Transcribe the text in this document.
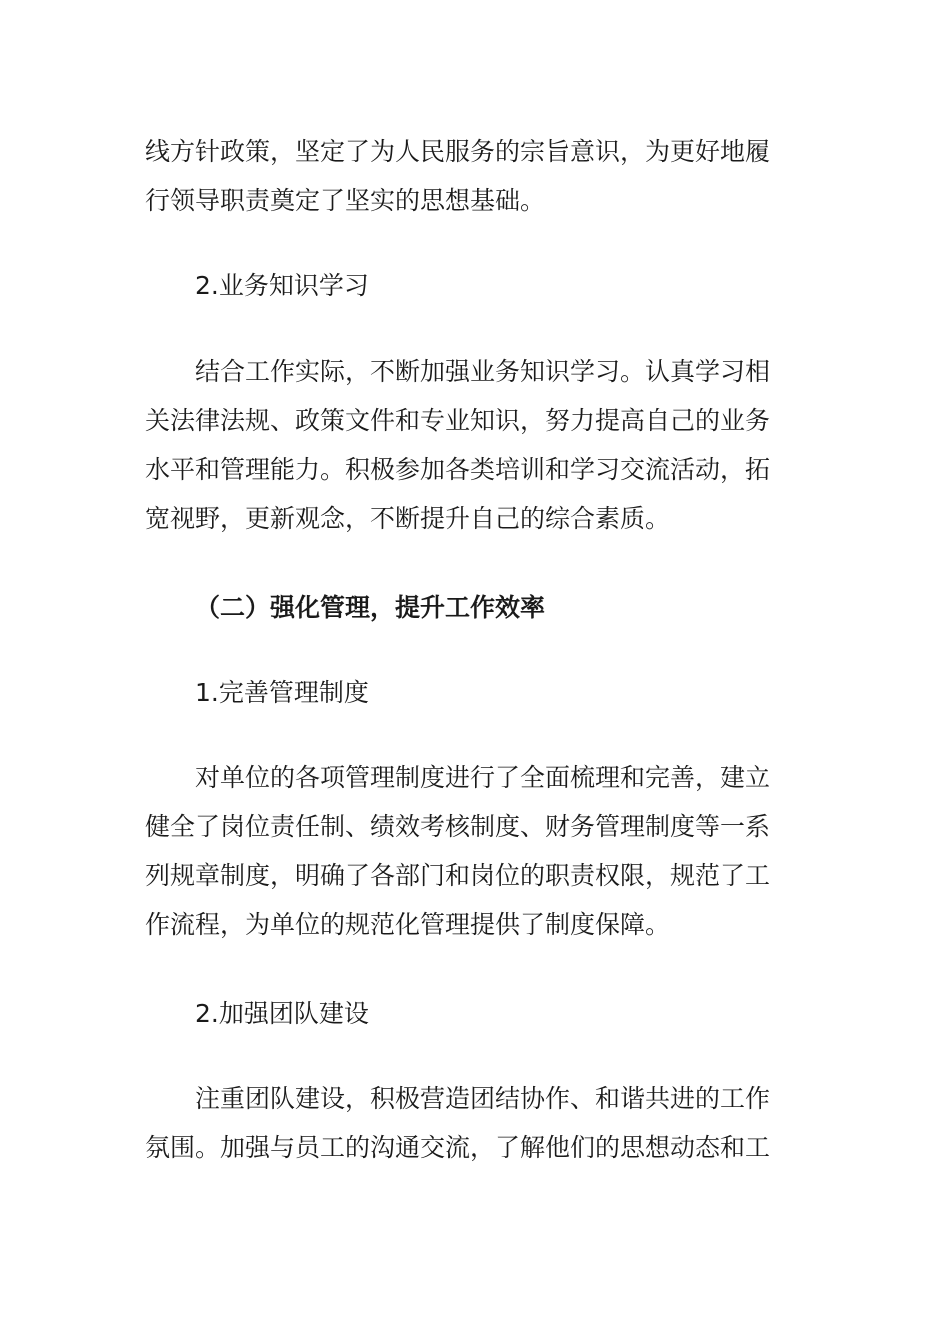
线方针政策，坚定了为人民服务的宗旨意识，为更好地履行领导职责奠定了坚实的思想基础。

2.业务知识学习

结合工作实际，不断加强业务知识学习。认真学习相关法律法规、政策文件和专业知识，努力提高自己的业务水平和管理能力。积极参加各类培训和学习交流活动，拓宽视野，更新观念，不断提升自己的综合素质。

（二）强化管理，提升工作效率

1.完善管理制度

对单位的各项管理制度进行了全面梳理和完善，建立健全了岗位责任制、绩效考核制度、财务管理制度等一系列规章制度，明确了各部门和岗位的职责权限，规范了工作流程，为单位的规范化管理提供了制度保障。

2.加强团队建设

注重团队建设，积极营造团结协作、和谐共进的工作氛围。加强与员工的沟通交流，了解他们的思想动态和工
